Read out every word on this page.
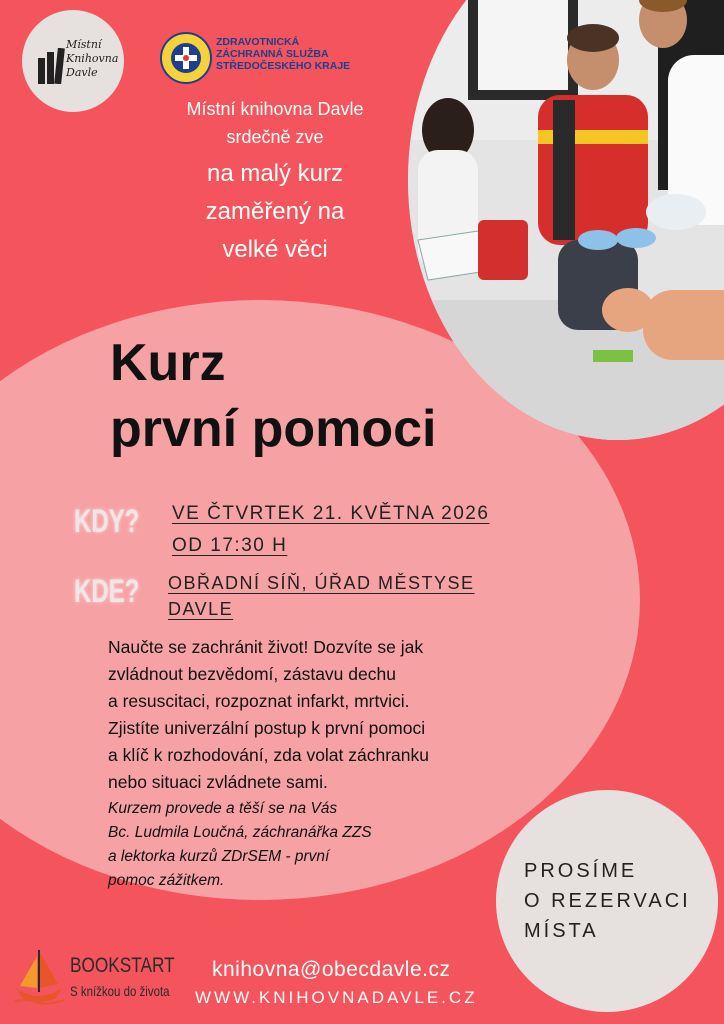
Místní
Knihovna
Davle
ZDRAVOTNICKÁ
ZÁCHRANNÁ SLUŽBA
STŘEDOČESKÉHO KRAJE
Místní knihovna Davle
srdečně zve
na malý kurz
zaměřený na
velké věci
Kurz
první pomoci
KDY? VE ČTVRTEK 21. KVĚTNA 2026
OD 17:30 H
KDE? OBŘADNÍ SÍŇ, ÚŘAD MĚSTYSE
DAVLE
Naučte se zachránit život! Dozvíte se jak
zvládnout bezvědomí, zástavu dechu
a resuscitaci, rozpoznat infarkt, mrtvici.
Zjistíte univerzální postup k první pomoci
a klíč k rozhodování, zda volat záchranku
nebo situaci zvládnete sami.
Kurzem provede a těší se na Vás
Bc. Ludmila Loučná, záchranářka ZZS
a lektorka kurzů ZDrSEM - první
pomoc zážitkem.	PROSÍME
O REZERVACI
MÍSTA
BOOKSTART
S knížkou do života
knihovna@obecdavle.cz
WWW.KNIHOVNADAVLE.CZ
